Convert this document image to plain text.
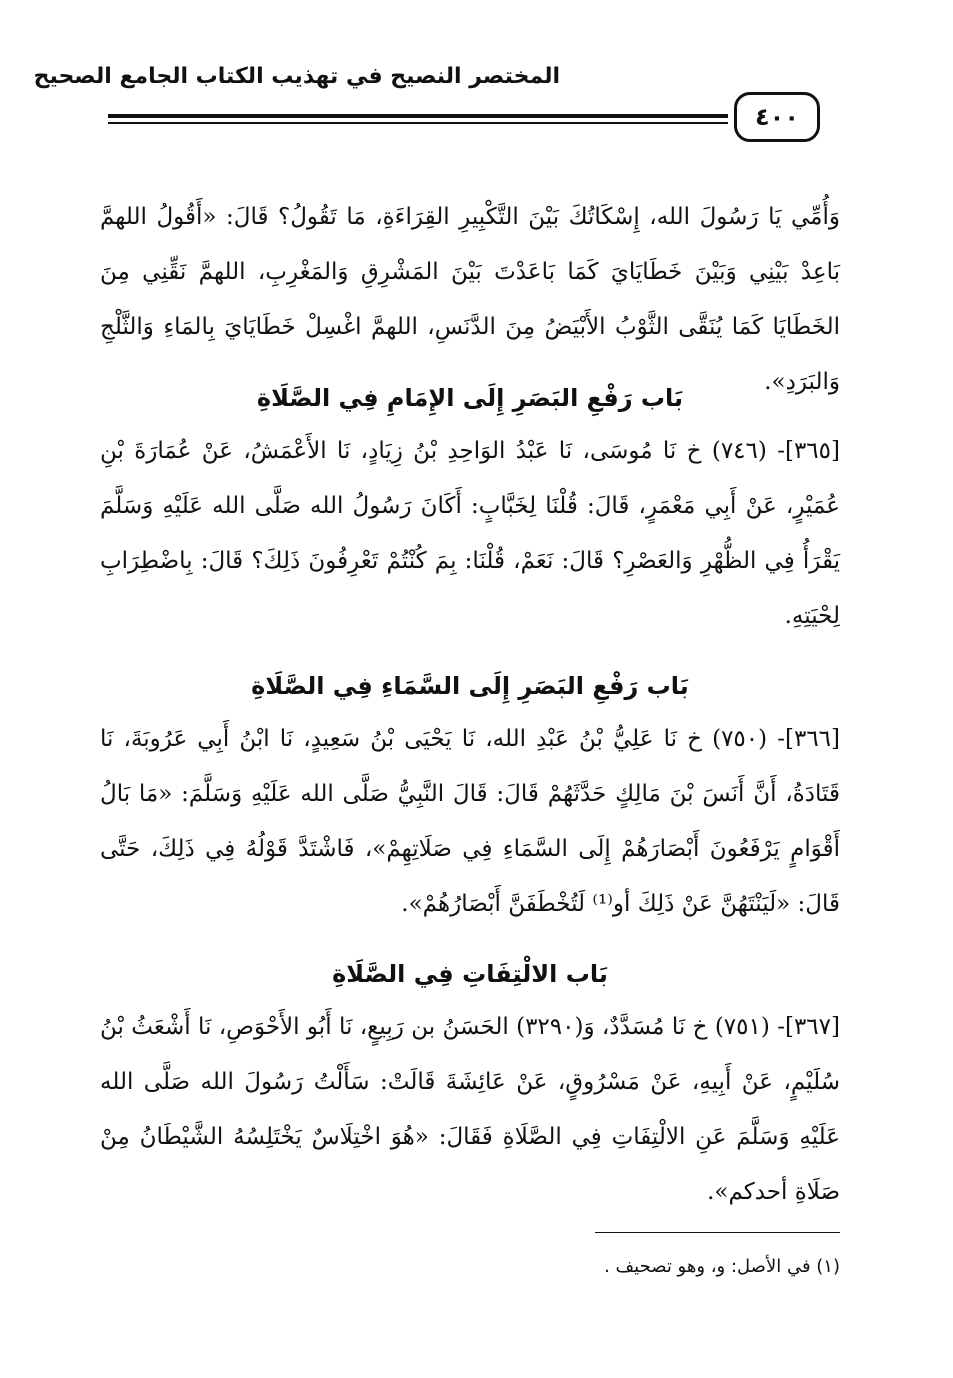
المختصر النصيح في تهذيب الكتاب الجامع الصحيح
٤٠٠
وَأُمِّي يَا رَسُولَ الله، إِسْكَاتُكَ بَيْنَ التَّكْبِيرِ القِرَاءَةِ، مَا تَقُولُ؟ قَالَ: «أَقُولُ اللهمَّ بَاعِدْ بَيْنِي وَبَيْنَ خَطَايَايَ كَمَا بَاعَدْتَ بَيْنَ المَشْرِقِ وَالمَغْرِبِ، اللهمَّ نَقِّنِي مِنَ الخَطَايَا كَمَا يُنَقَّى الثَّوْبُ الأَبْيَضُ مِنَ الدَّنَسِ، اللهمَّ اغْسِلْ خَطَايَايَ بِالمَاءِ وَالثَّلْجِ وَالبَرَدِ».
بَاب رَفْعِ البَصَرِ إِلَى الإِمَامِ فِي الصَّلَاةِ
[٣٦٥]- (٧٤٦) خ نَا مُوسَى، نَا عَبْدُ الوَاحِدِ بْنُ زِيَادٍ، نَا الأَعْمَشُ، عَنْ عُمَارَةَ بْنِ عُمَيْرٍ، عَنْ أَبِي مَعْمَرٍ، قَالَ: قُلْنَا لِخَبَّابٍ: أَكَانَ رَسُولُ الله صَلَّى الله عَلَيْهِ وَسَلَّمَ يَقْرَأُ فِي الظُّهْرِ وَالعَصْرِ؟ قَالَ: نَعَمْ، قُلْنَا: بِمَ كُنْتُمْ تَعْرِفُونَ ذَلِكَ؟ قَالَ: بِاضْطِرَابِ لِحْيَتِهِ.
بَاب رَفْعِ البَصَرِ إِلَى السَّمَاءِ فِي الصَّلَاةِ
[٣٦٦]- (٧٥٠) خ نَا عَلِيُّ بْنُ عَبْدِ الله، نَا يَحْيَى بْنُ سَعِيدٍ، نَا ابْنُ أَبِي عَرُوبَةَ، نَا قَتَادَةُ، أَنَّ أَنَسَ بْنَ مَالِكٍ حَدَّثَهُمْ قَالَ: قَالَ النَّبِيُّ صَلَّى الله عَلَيْهِ وَسَلَّمَ: «مَا بَالُ أَقْوَامٍ يَرْفَعُونَ أَبْصَارَهُمْ إِلَى السَّمَاءِ فِي صَلَاتِهِمْ»، فَاشْتَدَّ قَوْلُهُ فِي ذَلِكَ، حَتَّى قَالَ: «لَيَنْتَهُنَّ عَنْ ذَلِكَ أو⁽¹⁾ لَتُخْطَفَنَّ أَبْصَارُهُمْ».
بَاب الالْتِفَاتِ فِي الصَّلَاةِ
[٣٦٧]- (٧٥١) خ نَا مُسَدَّدٌ، وَ(٣٢٩٠) الحَسَنُ بن رَبِيعٍ، نَا أَبُو الأَحْوَصِ، نَا أَشْعَثُ بْنُ سُلَيْمٍ، عَنْ أَبِيهِ، عَنْ مَسْرُوقٍ، عَنْ عَائِشَةَ قَالَتْ: سَأَلْتُ رَسُولَ الله صَلَّى الله عَلَيْهِ وَسَلَّمَ عَنِ الالْتِفَاتِ فِي الصَّلَاةِ فَقَالَ: «هُوَ اخْتِلَاسٌ يَخْتَلِسُهُ الشَّيْطَانُ مِنْ صَلَاةِ أحدكم».
(١) في الأصل: و، وهو تصحيف .
